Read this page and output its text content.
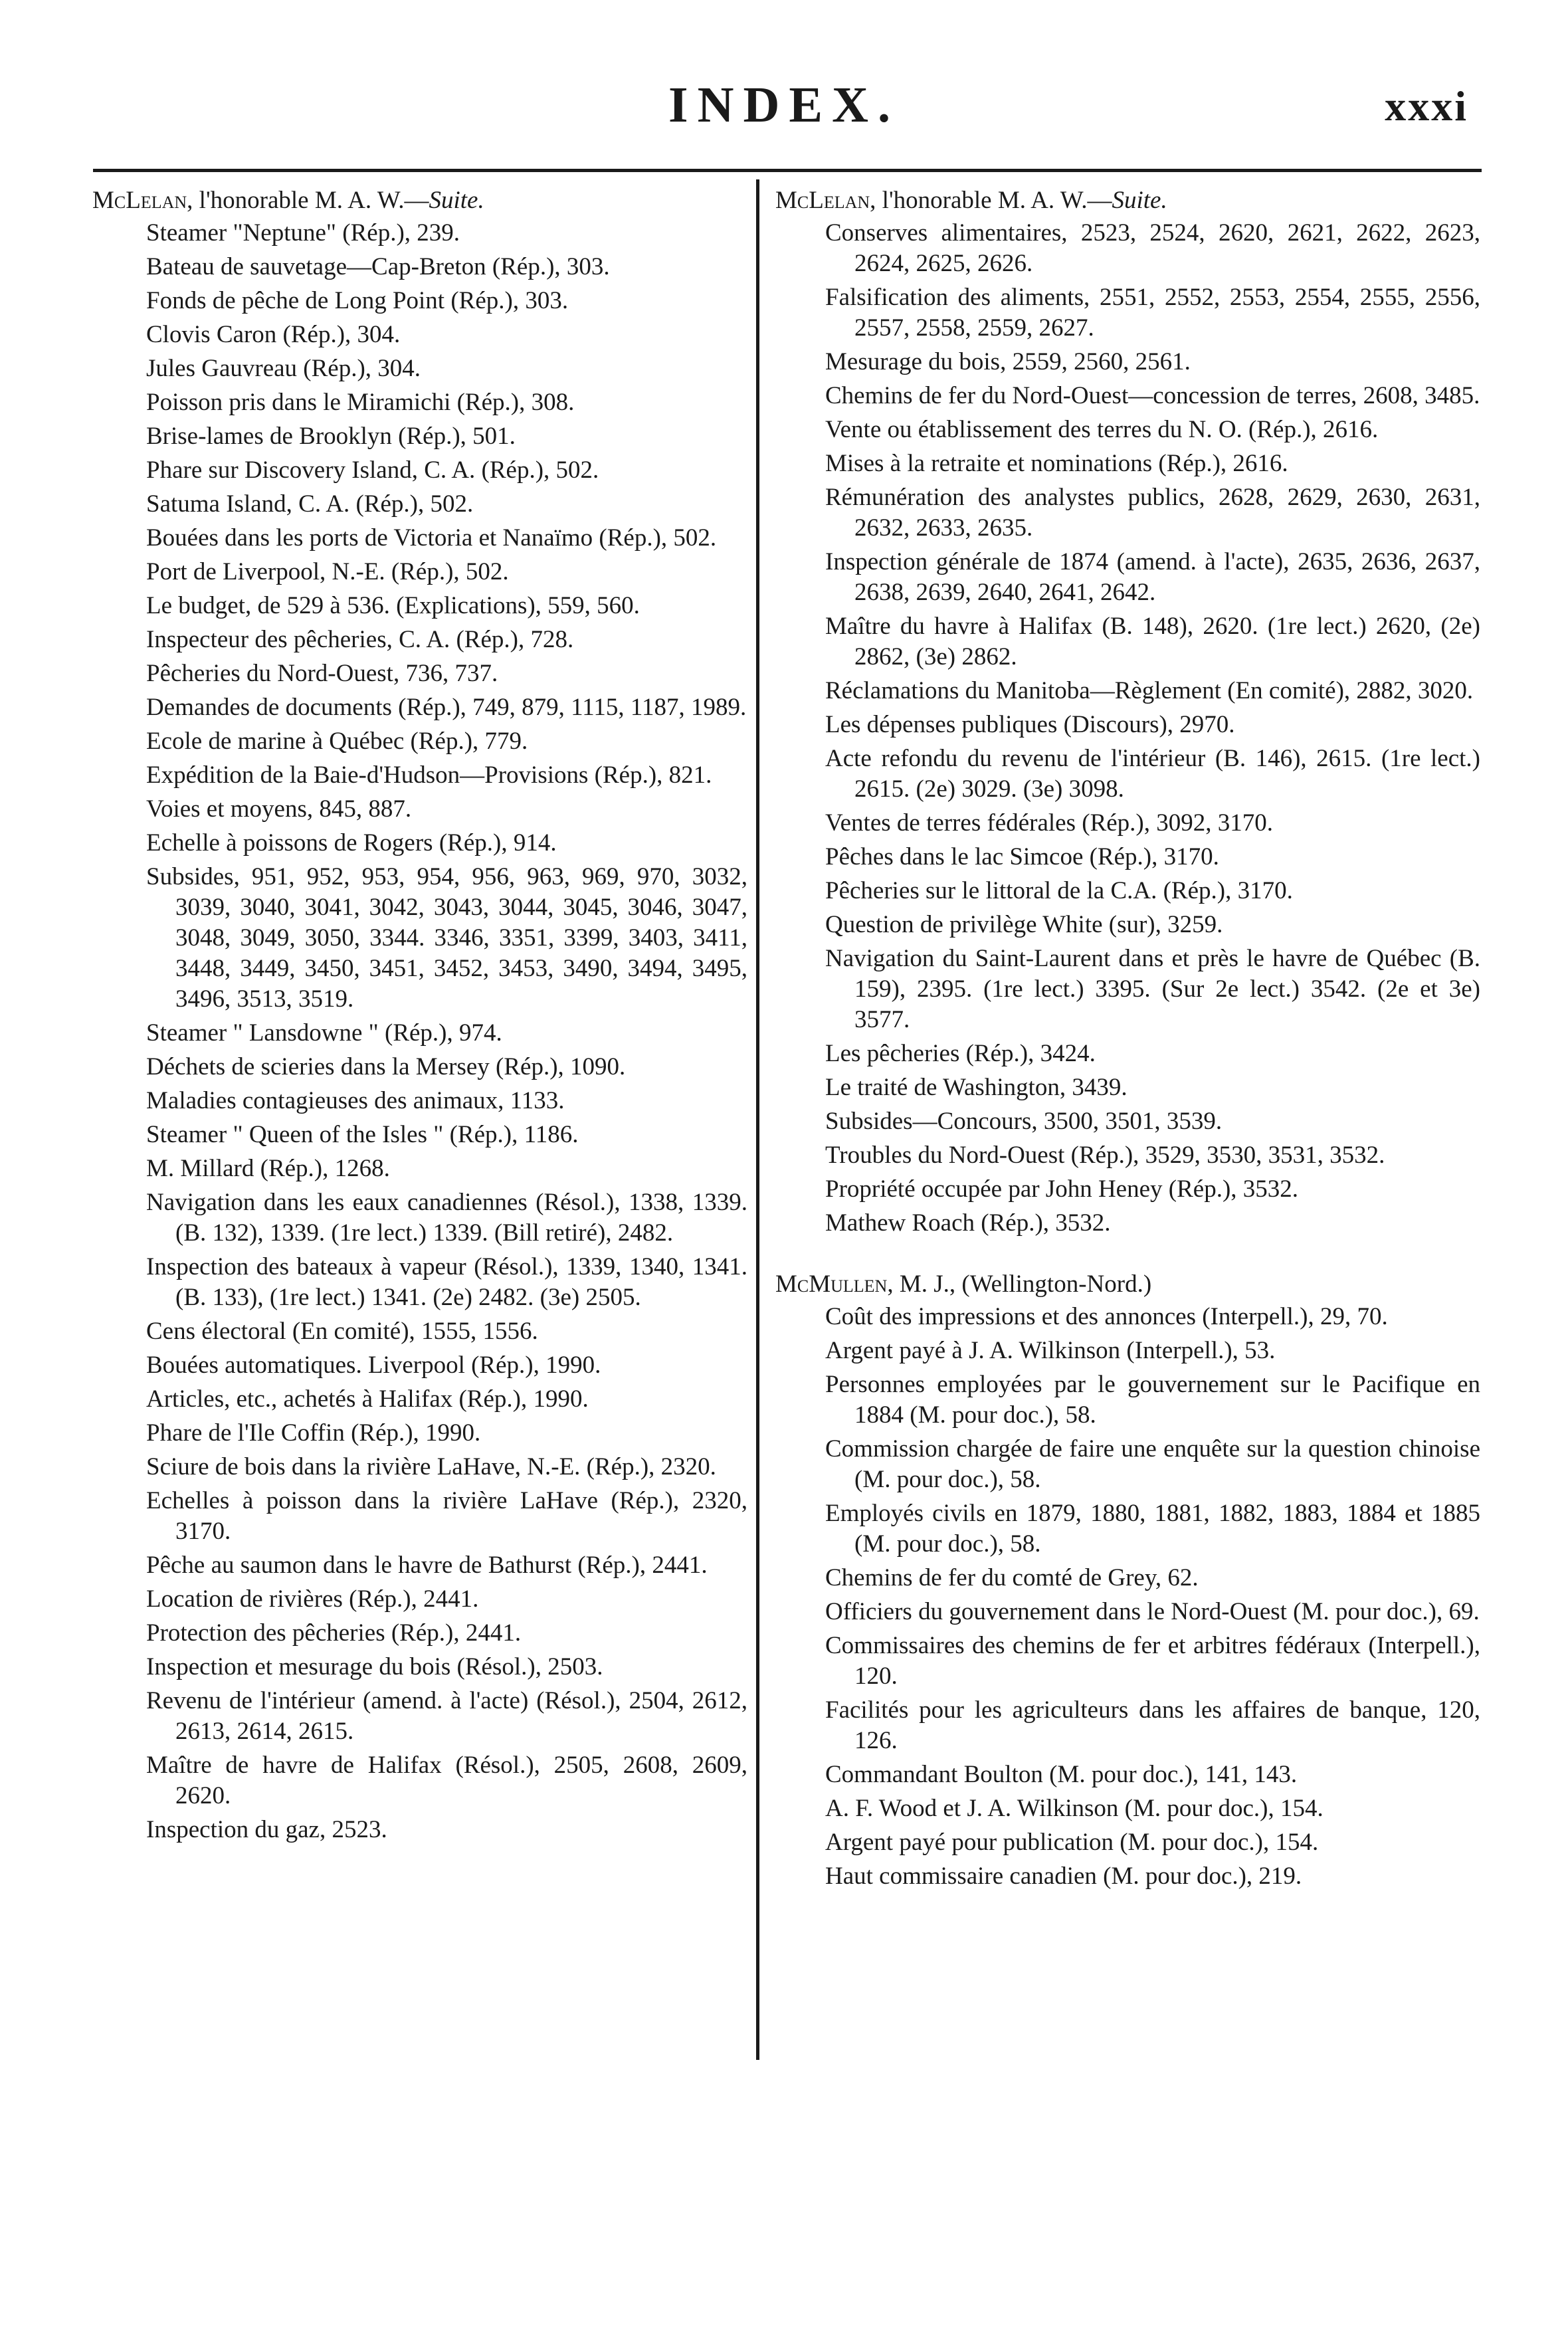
INDEX.	xxxi
McLelan, l'honorable M. A. W.—Suite.
Steamer "Neptune" (Rép.), 239.
Bateau de sauvetage—Cap-Breton (Rép.), 303.
Fonds de pêche de Long Point (Rép.), 303.
Clovis Caron (Rép.), 304.
Jules Gauvreau (Rép.), 304.
Poisson pris dans le Miramichi (Rép.), 308.
Brise-lames de Brooklyn (Rép.), 501.
Phare sur Discovery Island, C. A. (Rép.), 502.
Satuma Island, C. A. (Rép.), 502.
Bouées dans les ports de Victoria et Nanaïmo (Rép.), 502.
Port de Liverpool, N.-E. (Rép.), 502.
Le budget, de 529 à 536. (Explications), 559, 560.
Inspecteur des pêcheries, C. A. (Rép.), 728.
Pêcheries du Nord-Ouest, 736, 737.
Demandes de documents (Rép.), 749, 879, 1115, 1187, 1989.
Ecole de marine à Québec (Rép.), 779.
Expédition de la Baie-d'Hudson—Provisions (Rép.), 821.
Voies et moyens, 845, 887.
Echelle à poissons de Rogers (Rép.), 914.
Subsides, 951, 952, 953, 954, 956, 963, 969, 970, 3032, 3039, 3040, 3041, 3042, 3043, 3044, 3045, 3046, 3047, 3048, 3049, 3050, 3344. 3346, 3351, 3399, 3403, 3411, 3448, 3449, 3450, 3451, 3452, 3453, 3490, 3494, 3495, 3496, 3513, 3519.
Steamer " Lansdowne " (Rép.), 974.
Déchets de scieries dans la Mersey (Rép.), 1090.
Maladies contagieuses des animaux, 1133.
Steamer " Queen of the Isles " (Rép.), 1186.
M. Millard (Rép.), 1268.
Navigation dans les eaux canadiennes (Résol.), 1338, 1339. (B. 132), 1339. (1re lect.) 1339. (Bill retiré), 2482.
Inspection des bateaux à vapeur (Résol.), 1339, 1340, 1341. (B. 133), (1re lect.) 1341. (2e) 2482. (3e) 2505.
Cens électoral (En comité), 1555, 1556.
Bouées automatiques. Liverpool (Rép.), 1990.
Articles, etc., achetés à Halifax (Rép.), 1990.
Phare de l'Ile Coffin (Rép.), 1990.
Sciure de bois dans la rivière LaHave, N.-E. (Rép.), 2320.
Echelles à poisson dans la rivière LaHave (Rép.), 2320, 3170.
Pêche au saumon dans le havre de Bathurst (Rép.), 2441.
Location de rivières (Rép.), 2441.
Protection des pêcheries (Rép.), 2441.
Inspection et mesurage du bois (Résol.), 2503.
Revenu de l'intérieur (amend. à l'acte) (Résol.), 2504, 2612, 2613, 2614, 2615.
Maître de havre de Halifax (Résol.), 2505, 2608, 2609, 2620.
Inspection du gaz, 2523.
McLelan, l'honorable M. A. W.—Suite.
Conserves alimentaires, 2523, 2524, 2620, 2621, 2622, 2623, 2624, 2625, 2626.
Falsification des aliments, 2551, 2552, 2553, 2554, 2555, 2556, 2557, 2558, 2559, 2627.
Mesurage du bois, 2559, 2560, 2561.
Chemins de fer du Nord-Ouest—concession de terres, 2608, 3485.
Vente ou établissement des terres du N. O. (Rép.), 2616.
Mises à la retraite et nominations (Rép.), 2616.
Rémunération des analystes publics, 2628, 2629, 2630, 2631, 2632, 2633, 2635.
Inspection générale de 1874 (amend. à l'acte), 2635, 2636, 2637, 2638, 2639, 2640, 2641, 2642.
Maître du havre à Halifax (B. 148), 2620. (1re lect.) 2620, (2e) 2862, (3e) 2862.
Réclamations du Manitoba—Règlement (En comité), 2882, 3020.
Les dépenses publiques (Discours), 2970.
Acte refondu du revenu de l'intérieur (B. 146), 2615. (1re lect.) 2615. (2e) 3029. (3e) 3098.
Ventes de terres fédérales (Rép.), 3092, 3170.
Pêches dans le lac Simcoe (Rép.), 3170.
Pêcheries sur le littoral de la C.A. (Rép.), 3170.
Question de privilège White (sur), 3259.
Navigation du Saint-Laurent dans et près le havre de Québec (B. 159), 2395. (1re lect.) 3395. (Sur 2e lect.) 3542. (2e et 3e) 3577.
Les pêcheries (Rép.), 3424.
Le traité de Washington, 3439.
Subsides—Concours, 3500, 3501, 3539.
Troubles du Nord-Ouest (Rép.), 3529, 3530, 3531, 3532.
Propriété occupée par John Heney (Rép.), 3532.
Mathew Roach (Rép.), 3532.
McMullen, M. J., (Wellington-Nord.)
Coût des impressions et des annonces (Interpell.), 29, 70.
Argent payé à J. A. Wilkinson (Interpell.), 53.
Personnes employées par le gouvernement sur le Pacifique en 1884 (M. pour doc.), 58.
Commission chargée de faire une enquête sur la question chinoise (M. pour doc.), 58.
Employés civils en 1879, 1880, 1881, 1882, 1883, 1884 et 1885 (M. pour doc.), 58.
Chemins de fer du comté de Grey, 62.
Officiers du gouvernement dans le Nord-Ouest (M. pour doc.), 69.
Commissaires des chemins de fer et arbitres fédéraux (Interpell.), 120.
Facilités pour les agriculteurs dans les affaires de banque, 120, 126.
Commandant Boulton (M. pour doc.), 141, 143.
A. F. Wood et J. A. Wilkinson (M. pour doc.), 154.
Argent payé pour publication (M. pour doc.), 154.
Haut commissaire canadien (M. pour doc.), 219.
